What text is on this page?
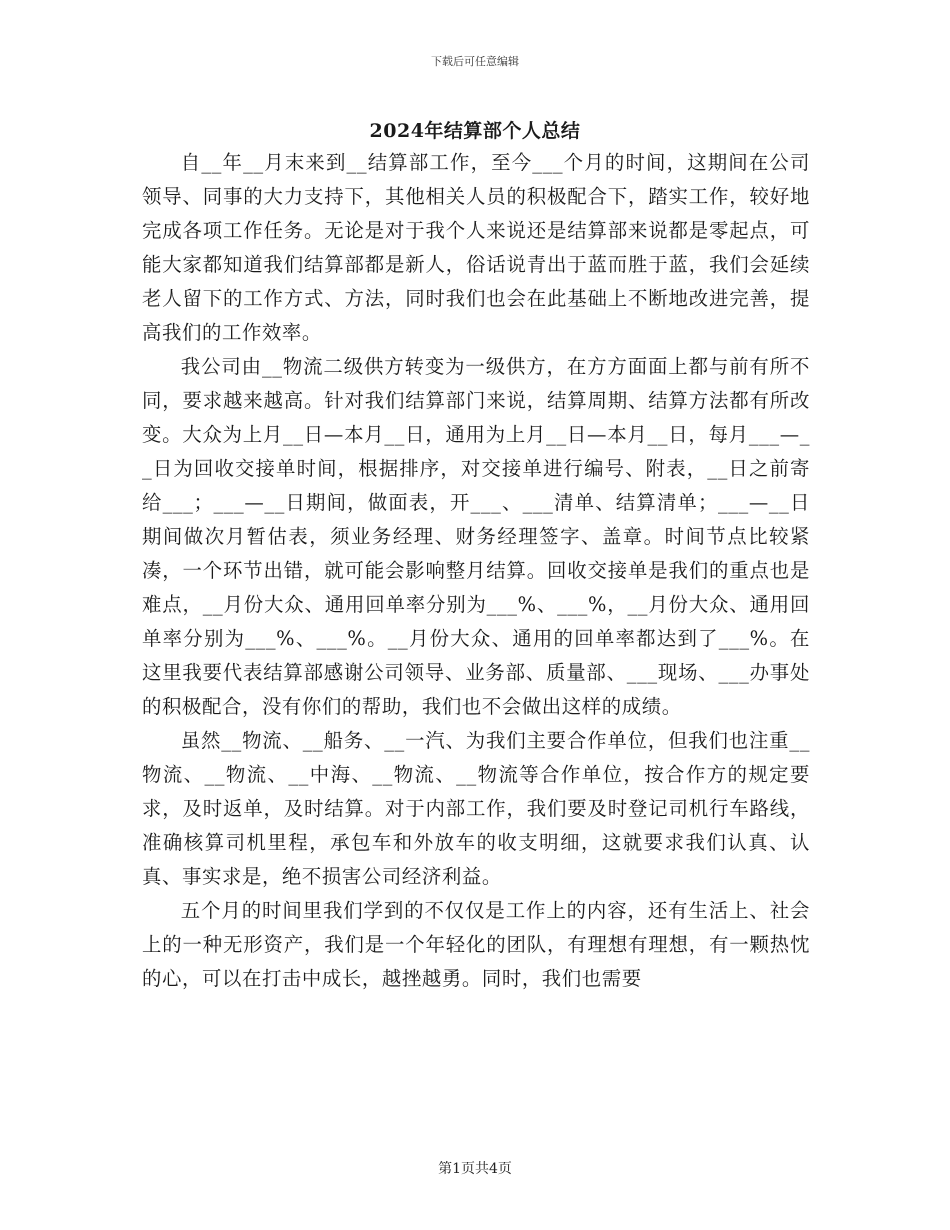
下载后可任意编辑
2024年结算部个人总结

自__年__月末来到__结算部工作，至今___个月的时间，这期间在公司领导、同事的大力支持下，其他相关人员的积极配合下，踏实工作，较好地完成各项工作任务。无论是对于我个人来说还是结算部来说都是零起点，可能大家都知道我们结算部都是新人，俗话说青出于蓝而胜于蓝，我们会延续老人留下的工作方式、方法，同时我们也会在此基础上不断地改进完善，提高我们的工作效率。

我公司由__物流二级供方转变为一级供方，在方方面面上都与前有所不同，要求越来越高。针对我们结算部门来说，结算周期、结算方法都有所改变。大众为上月__日—本月__日，通用为上月__日—本月__日，每月___—__日为回收交接单时间，根据排序，对交接单进行编号、附表，__日之前寄给___；___—__日期间，做面表，开___、___清单、结算清单；___—__日期间做次月暂估表，须业务经理、财务经理签字、盖章。时间节点比较紧凑，一个环节出错，就可能会影响整月结算。回收交接单是我们的重点也是难点，__月份大众、通用回单率分别为___%、___%，__月份大众、通用回单率分别为___%、___%。__月份大众、通用的回单率都达到了___%。在这里我要代表结算部感谢公司领导、业务部、质量部、___现场、___办事处的积极配合，没有你们的帮助，我们也不会做出这样的成绩。

虽然__物流、__船务、__一汽、为我们主要合作单位，但我们也注重__物流、__物流、__中海、__物流、__物流等合作单位，按合作方的规定要求，及时返单，及时结算。对于内部工作，我们要及时登记司机行车路线，准确核算司机里程，承包车和外放车的收支明细，这就要求我们认真、认真、事实求是，绝不损害公司经济利益。

五个月的时间里我们学到的不仅仅是工作上的内容，还有生活上、社会上的一种无形资产，我们是一个年轻化的团队，有理想有理想，有一颗热忱的心，可以在打击中成长，越挫越勇。同时，我们也需要

第1页共4页
